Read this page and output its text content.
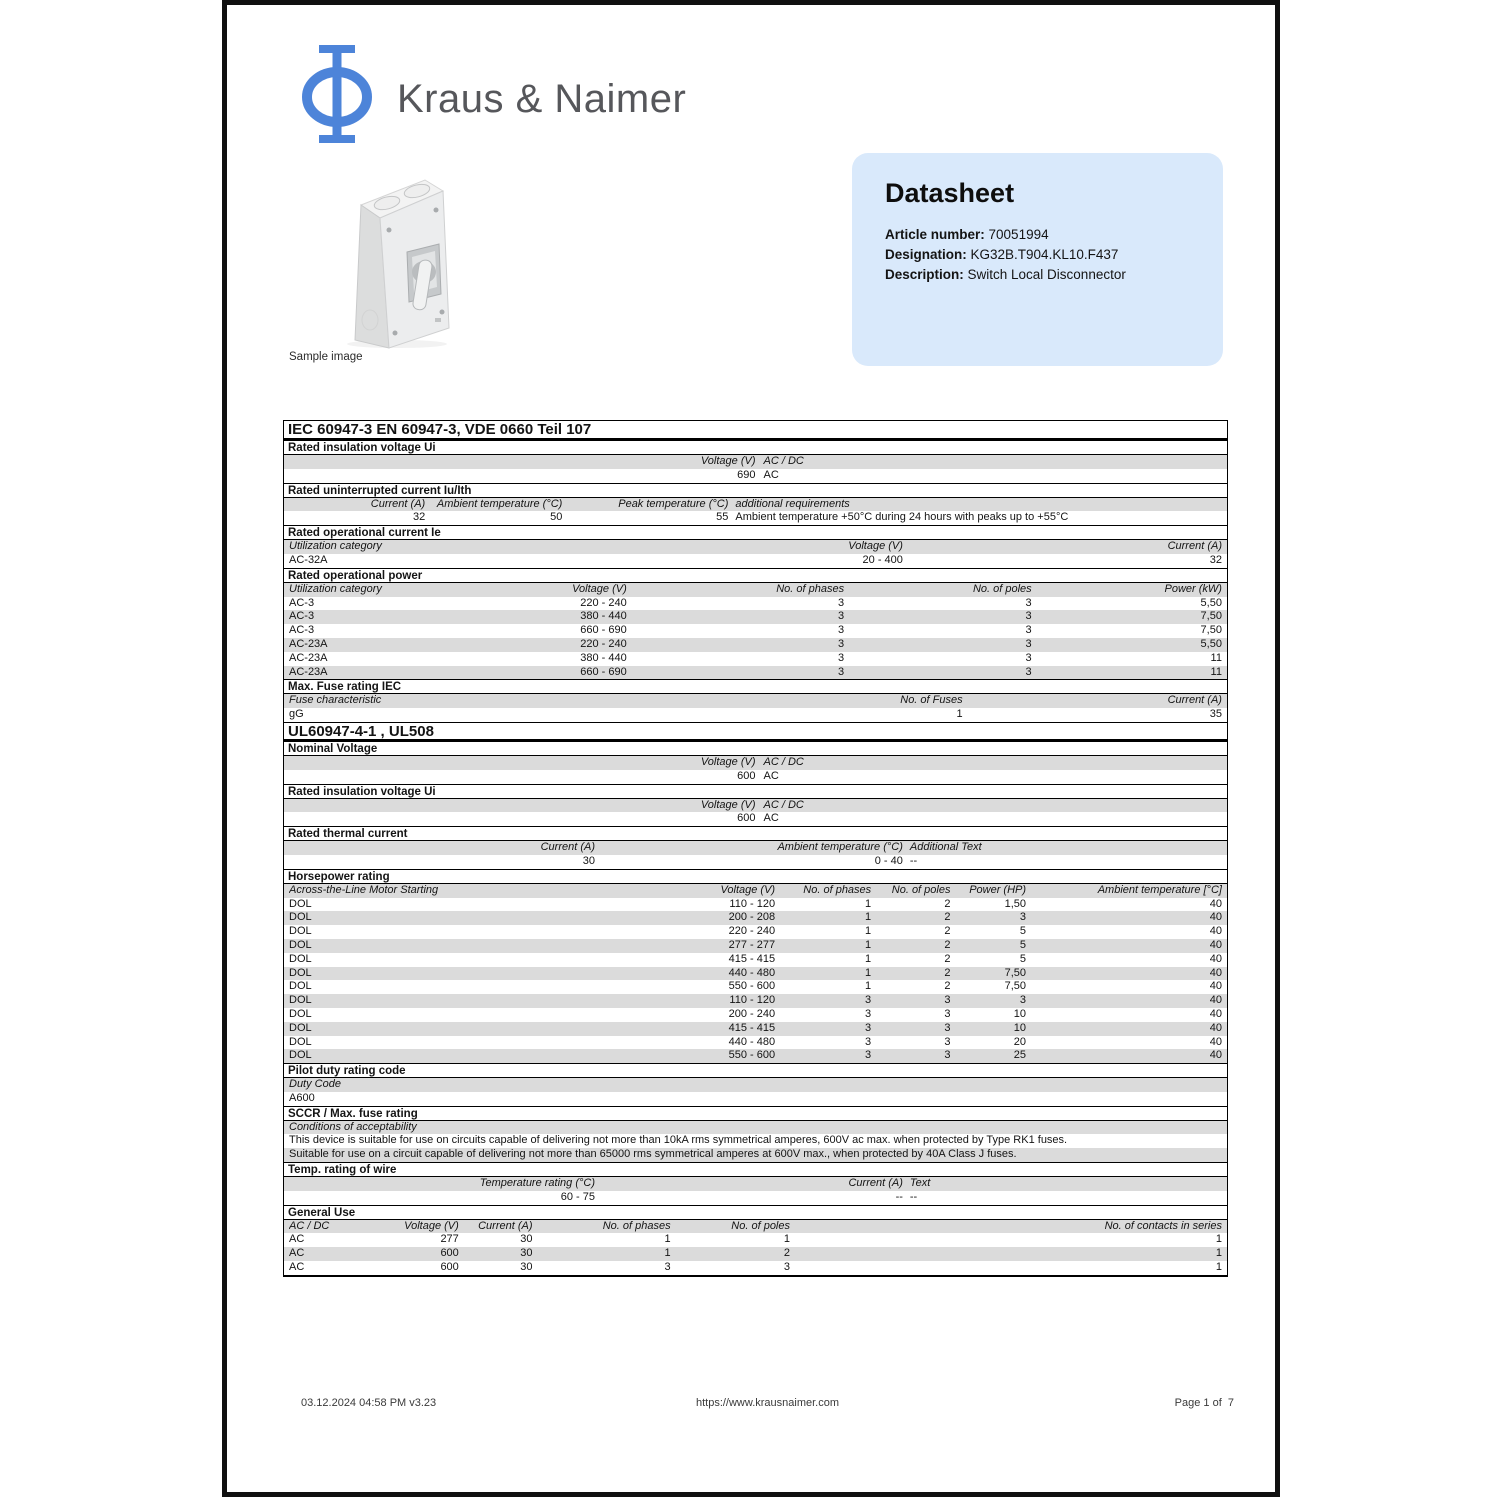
Kraus & Naimer
Sample image
Datasheet
Article number: 70051994
Designation: KG32B.T904.KL10.F437
Description: Switch Local Disconnector
IEC 60947-3 EN 60947-3, VDE 0660 Teil 107
Rated insulation voltage Ui
Voltage (V) AC / DC
690 AC
Rated uninterrupted current Iu/Ith
Current (A)	Ambient temperature (°C)	Peak temperature (°C) additional requirements
32	50	55 Ambient temperature +50°C during 24 hours with peaks up to +55°C
Rated operational current Ie
Utilization category	Voltage (V)	Current (A)
AC-32A	20 - 400	32
Rated operational power
Utilization category	Voltage (V)	No. of phases	No. of poles	Power (kW)
AC-3	220 - 240	3	3	5,50
AC-3	380 - 440	3	3	7,50
AC-3	660 - 690	3	3	7,50
AC-23A	220 - 240	3	3	5,50
AC-23A	380 - 440	3	3	11
AC-23A	660 - 690	3	3	11
Max. Fuse rating IEC
Fuse characteristic	No. of Fuses	Current (A)
gG	1	35
UL60947-4-1 , UL508
Nominal Voltage
Voltage (V) AC / DC
600 AC
Rated insulation voltage Ui
Voltage (V) AC / DC
600 AC
Rated thermal current
Current (A)	Ambient temperature (°C) Additional Text
30	0 - 40 --
Horsepower rating
Across-the-Line Motor Starting	Voltage (V)	No. of phases	No. of poles	Power (HP)	Ambient temperature [°C]
DOL	110 - 120	1	2	1,50	40
DOL	200 - 208	1	2	3	40
DOL	220 - 240	1	2	5	40
DOL	277 - 277	1	2	5	40
DOL	415 - 415	1	2	5	40
DOL	440 - 480	1	2	7,50	40
DOL	550 - 600	1	2	7,50	40
DOL	110 - 120	3	3	3	40
DOL	200 - 240	3	3	10	40
DOL	415 - 415	3	3	10	40
DOL	440 - 480	3	3	20	40
DOL	550 - 600	3	3	25	40
Pilot duty rating code
Duty Code
A600
SCCR / Max. fuse rating
Conditions of acceptability
This device is suitable for use on circuits capable of delivering not more than 10kA rms symmetrical amperes, 600V ac max. when protected by Type RK1 fuses.
Suitable for use on a circuit capable of delivering not more than 65000 rms symmetrical amperes at 600V max., when protected by 40A Class J fuses.
Temp. rating of wire
Temperature rating (°C)	Current (A) Text
60 - 75	-- --
General Use
AC / DC	Voltage (V)	Current (A)	No. of phases	No. of poles	No. of contacts in series
AC	277	30	1	1	1
AC	600	30	1	2	1
AC	600	30	3	3	1
03.12.2024 04:58 PM v3.23	https://www.krausnaimer.com	Page 1 of  7
